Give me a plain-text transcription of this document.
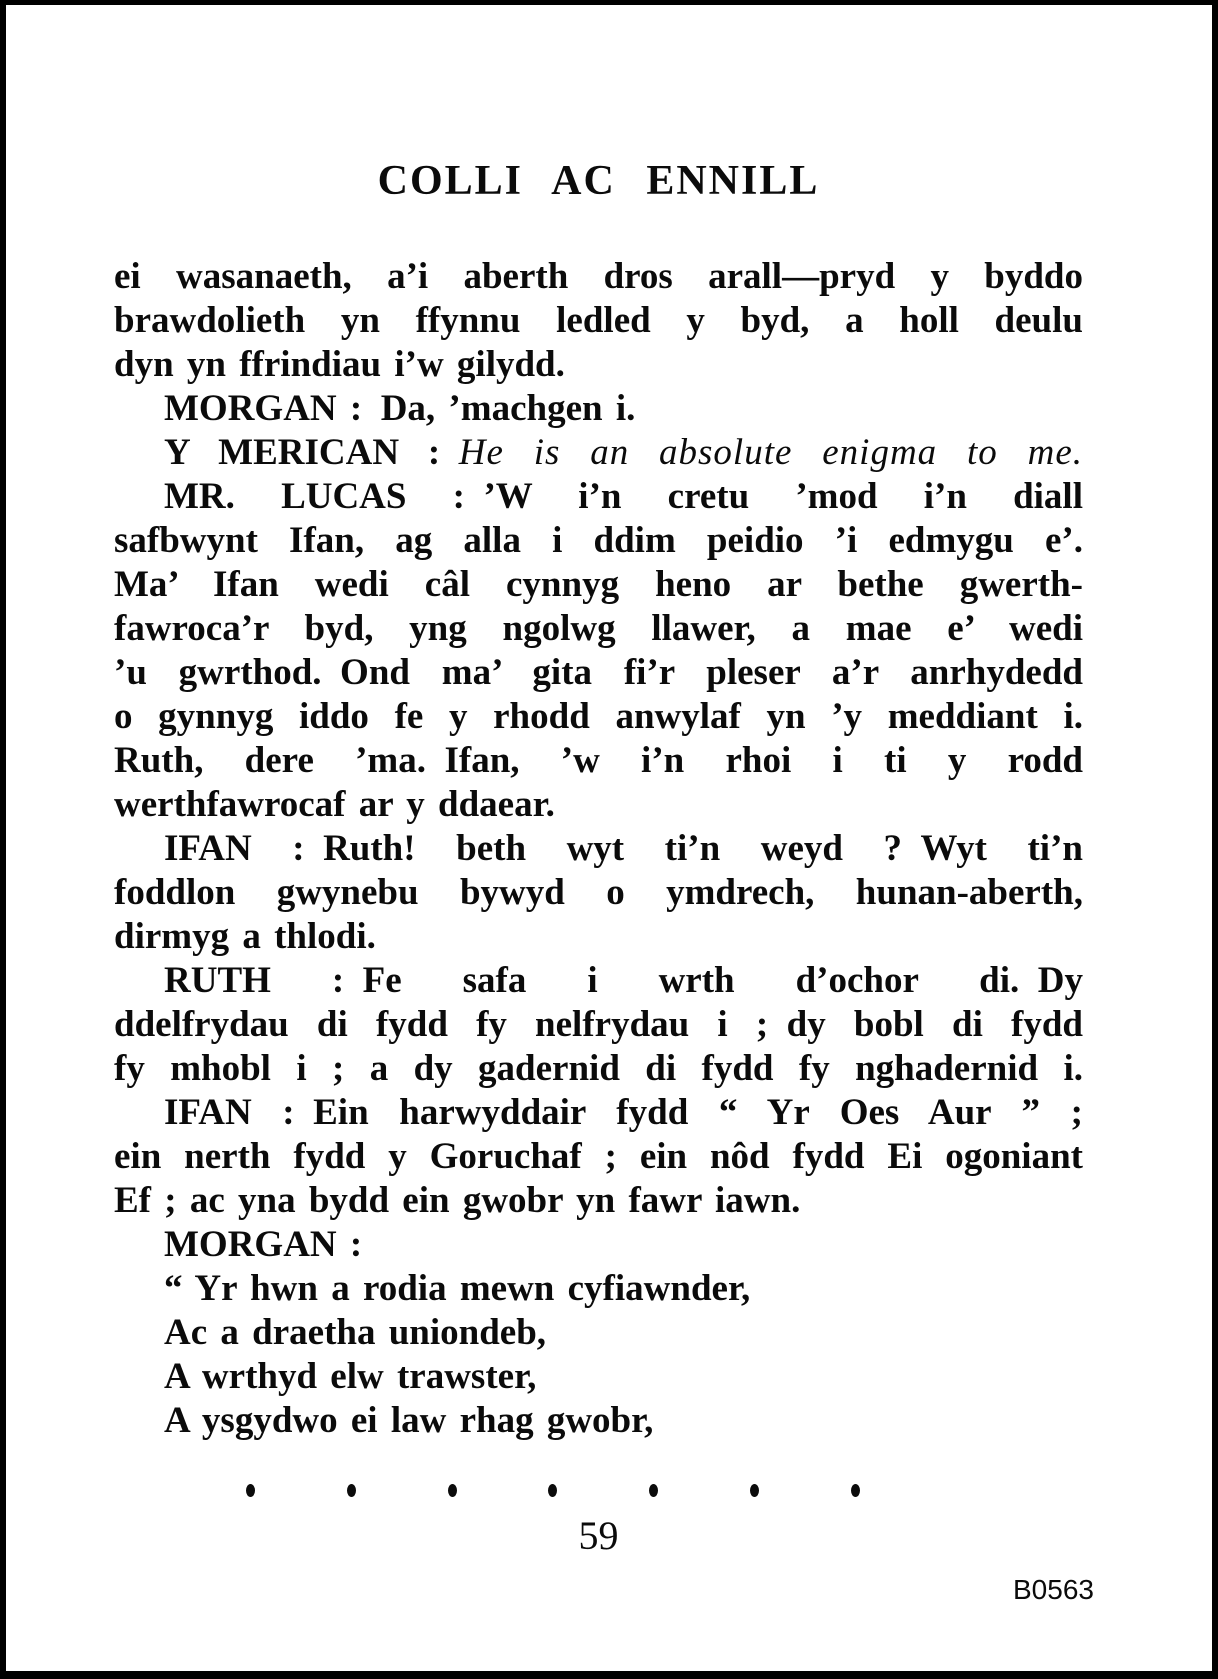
COLLI AC ENNILL
ei wasanaeth, a’i aberth dros arall—pryd y byddo
brawdolieth yn ffynnu ledled y byd, a holl deulu
dyn yn ffrindiau i’w gilydd.
MORGAN : Da, ’machgen i.
Y MERICAN : He is an absolute enigma to me.
MR. LUCAS : ’W i’n cretu ’mod i’n diall
safbwynt Ifan, ag alla i ddim peidio ’i edmygu e’.
Ma’ Ifan wedi câl cynnyg heno ar bethe gwerth-
fawroca’r byd, yng ngolwg llawer, a mae e’ wedi
’u gwrthod. Ond ma’ gita fi’r pleser a’r anrhydedd
o gynnyg iddo fe y rhodd anwylaf yn ’y meddiant i.
Ruth, dere ’ma. Ifan, ’w i’n rhoi i ti y rodd
werthfawrocaf ar y ddaear.
IFAN : Ruth! beth wyt ti’n weyd ? Wyt ti’n
foddlon gwynebu bywyd o ymdrech, hunan-aberth,
dirmyg a thlodi.
RUTH : Fe safa i wrth d’ochor di. Dy
ddelfrydau di fydd fy nelfrydau i ; dy bobl di fydd
fy mhobl i ; a dy gadernid di fydd fy nghadernid i.
IFAN : Ein harwyddair fydd “ Yr Oes Aur ” ;
ein nerth fydd y Goruchaf ; ein nôd fydd Ei ogoniant
Ef ; ac yna bydd ein gwobr yn fawr iawn.
MORGAN :
“ Yr hwn a rodia mewn cyfiawnder,
Ac a draetha uniondeb,
A wrthyd elw trawster,
A ysgydwo ei law rhag gwobr,
59
B0563
